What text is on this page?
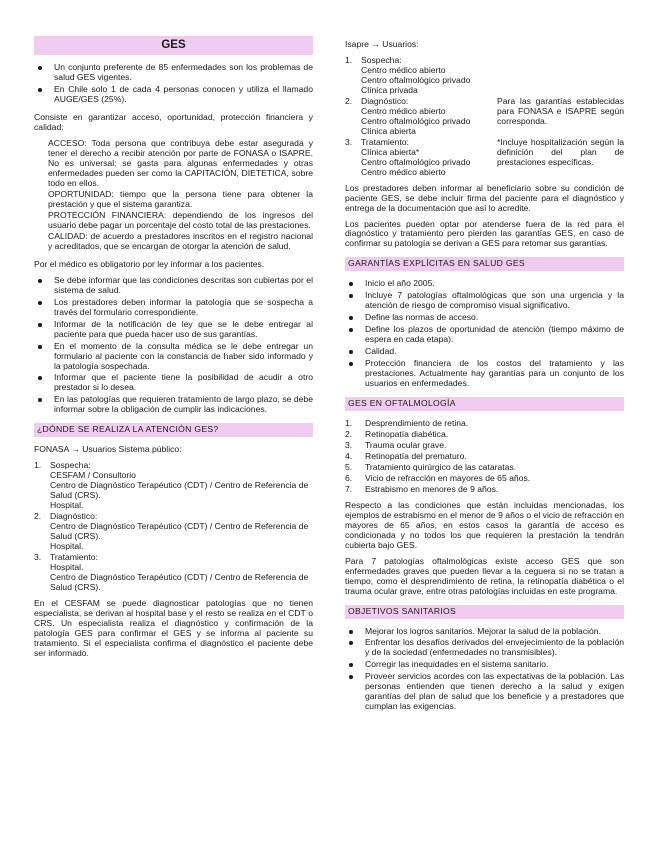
GES
Un conjunto preferente de 85 enfermedades son los problemas de salud GES vigentes.
En Chile solo 1 de cada 4 personas conocen y utiliza el llamado AUGE/GES (25%).

Consiste en garantizar acceso, oportunidad, protección financiera y calidad:

ACCESO: Toda persona que contribuya debe estar asegurada y tener el derecho a recibir atención por parte de FONASA o ISAPRE. No es universal: se gasta para algunas enfermedades y otras enfermedades pueden ser como la CAPITACIÓN, DIETETICA, sobre todo en ellos.
OPORTUNIDAD: tiempo que la persona tiene para obtener la prestación y que el sistema garantiza.
PROTECCIÓN FINANCIERA: dependiendo de los ingresos del usuario debe pagar un porcentaje del costo total de las prestaciones.
CALIDAD: de acuerdo a prestadores inscritos en el registro nacional y acreditados, que se encargan de otorgar la atención de salud.

Por el médico es obligatorio por ley informar a los pacientes.

Se debe informar que las condiciones descritas son cubiertas por el sistema de salud.
Los prestadores deben informar la patología que se sospecha a través del formulario correspondiente.
Informar de la notificación de ley que se le debe entregar al paciente para que pueda hacer uso de sus garantías.
En el momento de la consulta médica se le debe entregar un formulario al paciente con la constancia de haber sido informado y la patología sospechada.
Informar que el paciente tiene la posibilidad de acudir a otro prestador si lo desea.
En las patologías que requieren tratamiento de largo plazo, se debe informar sobre la obligación de cumplir las indicaciones.
¿DÓNDE SE REALIZA LA ATENCIÓN GES?

FONASA → Usuarios Sistema público:

1. Sospecha:
CESFAM / Consultorio
Centro de Diagnóstico Terapéutico (CDT) / Centro de Referencia de Salud (CRS).
Hospital.
2. Diagnóstico:
Centro de Diagnóstico Terapéutico (CDT) / Centro de Referencia de Salud (CRS).
Hospital.
3. Tratamiento:
Hospital.
Centro de Diagnóstico Terapéutico (CDT) / Centro de Referencia de Salud (CRS).

En el CESFAM se puede diagnosticar patologías que no tienen especialista, se derivan al hospital base y el resto se realiza en el CDT o CRS. Un especialista realiza el diagnóstico y confirmación de la patología GES para confirmar el GES y se informa al paciente su tratamiento. Si el especialista confirma el diagnóstico el paciente debe ser informado.

Isapre → Usuarios:

1. Sospecha:
Centro médico abierto
Centro oftalmológico privado
Clínica privada
2. Diagnóstico:
Centro médico abierto
Centro oftalmológico privado
Clínica abierta
Para las garantías establecidas para FONASA e ISAPRE según corresponda.
3. Tratamiento:
Clínica abierta*
Centro oftalmológico privado
Centro médico abierto
*Incluye hospitalización según la definición del plan de prestaciones específicas.

Los prestadores deben informar al beneficiario sobre su condición de paciente GES, se debe incluir firma del paciente para el diagnóstico y entrega de la documentación que así lo acredite.

Los pacientes pueden optar por atenderse fuera de la red para el diagnóstico y tratamiento pero pierden las garantías GES, en caso de confirmar su patología se derivan a GES para retomar sus garantías.

GARANTÍAS EXPLÍCITAS EN SALUD GES
Inicio el año 2005.
Incluye 7 patologías oftalmológicas que son una urgencia y la atención de riesgo de compromiso visual significativo.
Define las normas de acceso.
Define los plazos de oportunidad de atención (tiempo máximo de espera en cada etapa).
Calidad.
Protección financiera de los costos del tratamiento y las prestaciones. Actualmente hay garantías para un conjunto de los usuarios en enfermedades.
GES EN OFTALMOLOGÍA
1. Desprendimiento de retina.
2. Retinopatía diabética.
3. Trauma ocular grave.
4. Retinopatía del prematuro.
5. Tratamiento quirúrgico de las cataratas.
6. Vicio de refracción en mayores de 65 años.
7. Estrabismo en menores de 9 años.

Respecto a las condiciones que están incluidas mencionadas, los ejemplos de estrabismo en el menor de 9 años o el vicio de refracción en mayores de 65 años, en estos casos la garantía de acceso es condicionada y no todos los que requieren la prestación la tendrán cubierta bajo GES.

Para 7 patologías oftalmológicas existe acceso GES que son enfermedades graves que pueden llevar a la ceguera si no se tratan a tiempo, como el desprendimiento de retina, la retinopatía diabética o el trauma ocular grave, entre otras patologías incluidas en este programa.

OBJETIVOS SANITARIOS
Mejorar los logros sanitarios. Mejorar la salud de la población.
Enfrentar los desafíos derivados del envejecimiento de la población y de la sociedad (enfermedades no transmisibles).
Corregir las inequidades en el sistema sanitario.
Proveer servicios acordes con las expectativas de la población. Las personas entienden que tienen derecho a la salud y exigen garantías del plan de salud que los beneficie y a prestadores que cumplan las exigencias.
